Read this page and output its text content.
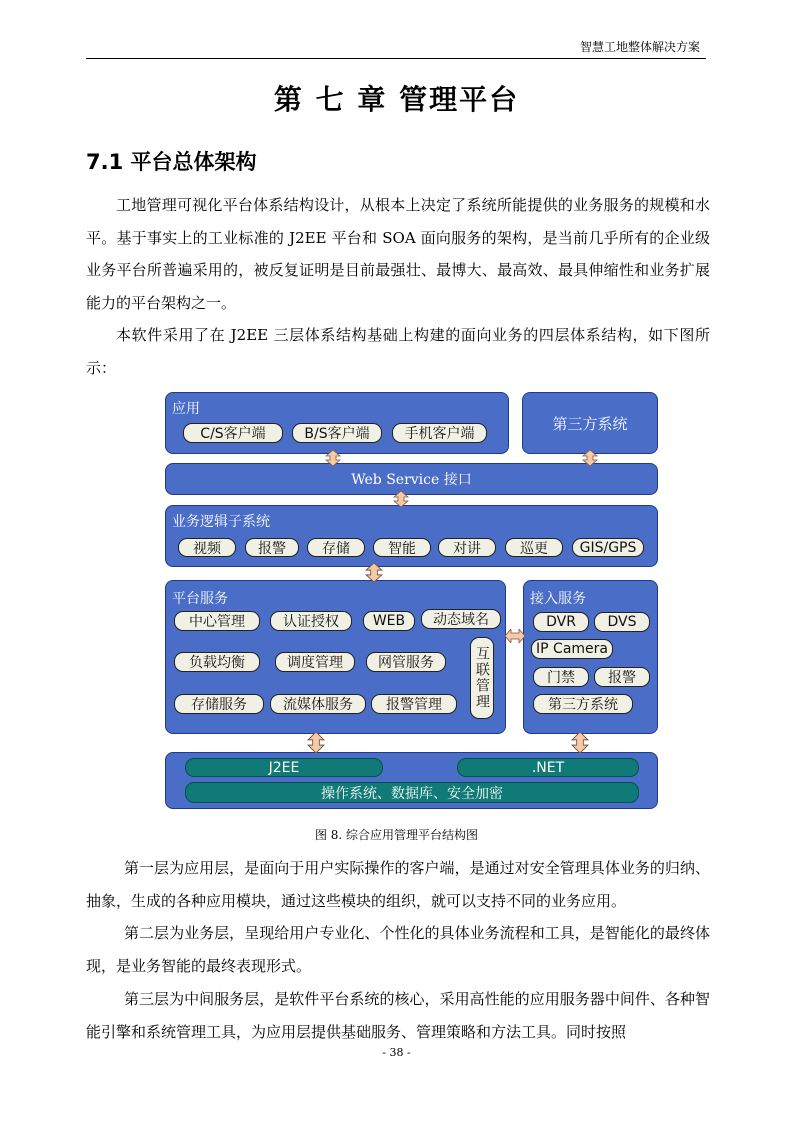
智慧工地整体解决方案
第 七 章 管理平台
7.1 平台总体架构
工地管理可视化平台体系结构设计，从根本上决定了系统所能提供的业务服务的规模和水平。基于事实上的工业标准的 J2EE 平台和 SOA 面向服务的架构，是当前几乎所有的企业级业务平台所普遍采用的，被反复证明是目前最强壮、最博大、最高效、最具伸缩性和业务扩展能力的平台架构之一。
本软件采用了在 J2EE 三层体系结构基础上构建的面向业务的四层体系结构，如下图所示：
应用
C/S客户端	B/S客户端	手机客户端
第三方系统
Web Service 接口
业务逻辑子系统
视频	报警	存储	智能	对讲	巡更	GIS/GPS
平台服务
中心管理	认证授权	WEB	动态域名
负载均衡	调度管理	网管服务
存储服务	流媒体服务	报警管理	互联管理
接入服务
DVR	DVS
IP Camera
门禁	报警
第三方系统
J2EE	.NET
操作系统、数据库、安全加密
图 8. 综合应用管理平台结构图
第一层为应用层，是面向于用户实际操作的客户端，是通过对安全管理具体业务的归纳、抽象，生成的各种应用模块，通过这些模块的组织，就可以支持不同的业务应用。
第二层为业务层，呈现给用户专业化、个性化的具体业务流程和工具，是智能化的最终体现，是业务智能的最终表现形式。
第三层为中间服务层，是软件平台系统的核心，采用高性能的应用服务器中间件、各种智能引擎和系统管理工具，为应用层提供基础服务、管理策略和方法工具。同时按照
- 38 -
